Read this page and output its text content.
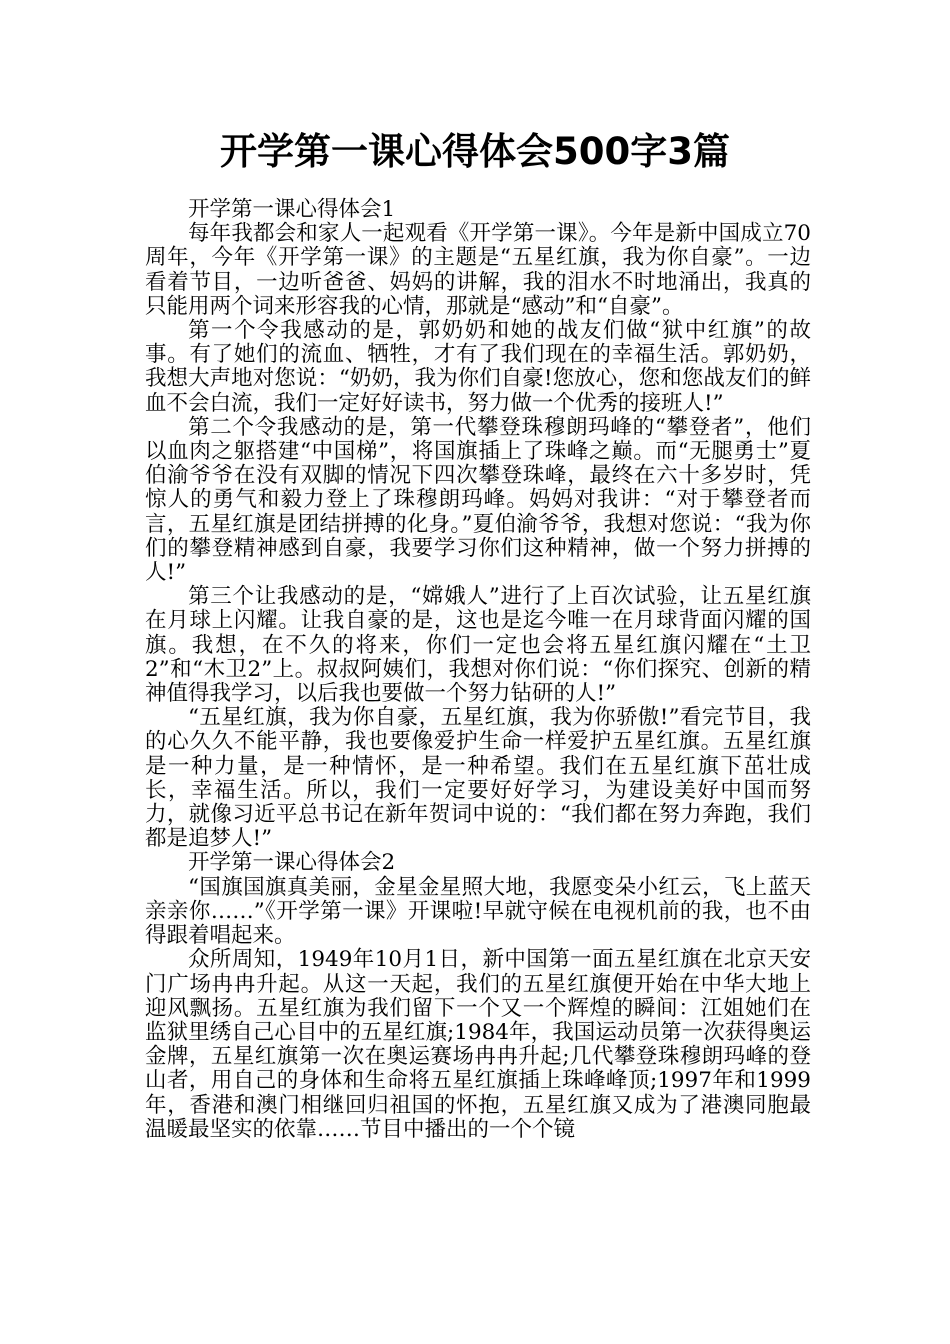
开学第一课心得体会500字3篇

开学第一课心得体会1

每年我都会和家人一起观看《开学第一课》。今年是新中国成立70周年，今年《开学第一课》的主题是“五星红旗，我为你自豪”。一边看着节目，一边听爸爸、妈妈的讲解，我的泪水不时地涌出，我真的只能用两个词来形容我的心情，那就是“感动”和“自豪”。

第一个令我感动的是，郭奶奶和她的战友们做“狱中红旗”的故事。有了她们的流血、牺牲，才有了我们现在的幸福生活。郭奶奶，我想大声地对您说：“奶奶，我为你们自豪!您放心，您和您战友们的鲜血不会白流，我们一定好好读书，努力做一个优秀的接班人!”

第二个令我感动的是，第一代攀登珠穆朗玛峰的“攀登者”，他们以血肉之躯搭建“中国梯”，将国旗插上了珠峰之巅。而“无腿勇士”夏伯渝爷爷在没有双脚的情况下四次攀登珠峰，最终在六十多岁时，凭惊人的勇气和毅力登上了珠穆朗玛峰。妈妈对我讲：“对于攀登者而言，五星红旗是团结拼搏的化身。”夏伯渝爷爷，我想对您说：“我为你们的攀登精神感到自豪，我要学习你们这种精神，做一个努力拼搏的人!”

第三个让我感动的是，“嫦娥人”进行了上百次试验，让五星红旗在月球上闪耀。让我自豪的是，这也是迄今唯一在月球背面闪耀的国旗。我想，在不久的将来，你们一定也会将五星红旗闪耀在“土卫2”和“木卫2”上。叔叔阿姨们，我想对你们说：“你们探究、创新的精神值得我学习，以后我也要做一个努力钻研的人!”

“五星红旗，我为你自豪，五星红旗，我为你骄傲!”看完节目，我的心久久不能平静，我也要像爱护生命一样爱护五星红旗。五星红旗是一种力量，是一种情怀，是一种希望。我们在五星红旗下茁壮成长，幸福生活。所以，我们一定要好好学习，为建设美好中国而努力，就像习近平总书记在新年贺词中说的：“我们都在努力奔跑，我们都是追梦人!”

开学第一课心得体会2

“国旗国旗真美丽，金星金星照大地，我愿变朵小红云，飞上蓝天亲亲你……”《开学第一课》开课啦!早就守候在电视机前的我，也不由得跟着唱起来。

众所周知，1949年10月1日，新中国第一面五星红旗在北京天安门广场冉冉升起。从这一天起，我们的五星红旗便开始在中华大地上迎风飘扬。五星红旗为我们留下一个又一个辉煌的瞬间：江姐她们在监狱里绣自己心目中的五星红旗;1984年，我国运动员第一次获得奥运金牌，五星红旗第一次在奥运赛场冉冉升起;几代攀登珠穆朗玛峰的登山者，用自己的身体和生命将五星红旗插上珠峰峰顶;1997年和1999年，香港和澳门相继回归祖国的怀抱，五星红旗又成为了港澳同胞最温暖最坚实的依靠……节目中播出的一个个镜
